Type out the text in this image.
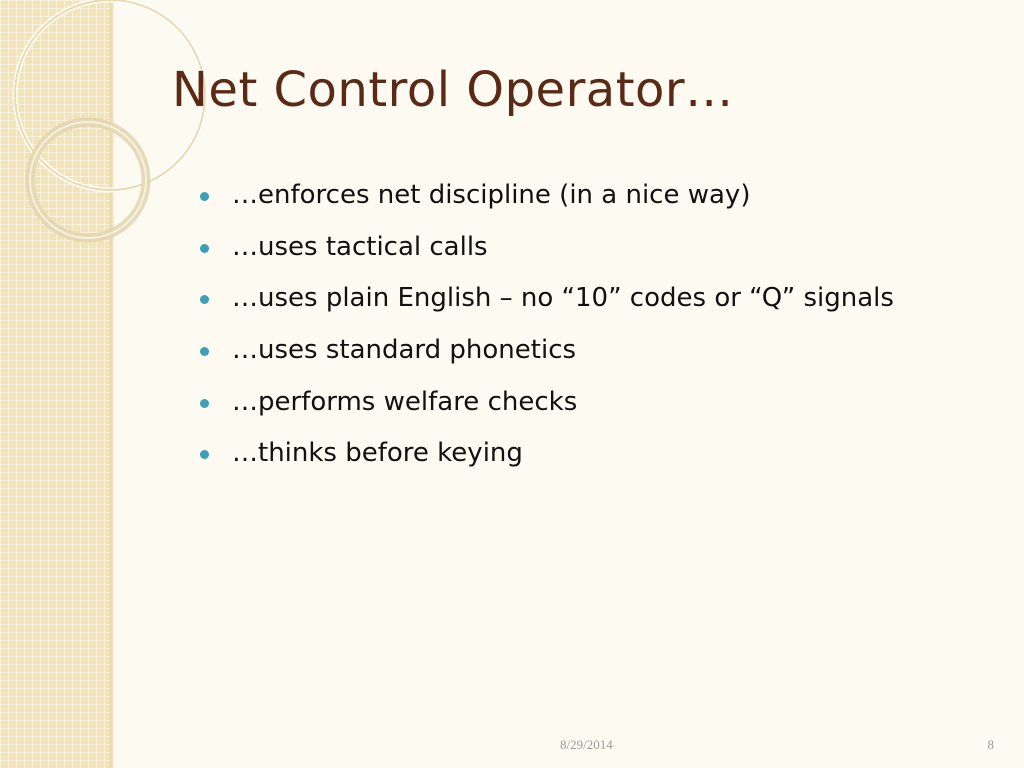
Net Control Operator…
…enforces net discipline (in a nice way)
…uses tactical calls
…uses plain English – no “10” codes or “Q” signals
…uses standard phonetics
…performs welfare checks
…thinks before keying
8/29/2014	8
